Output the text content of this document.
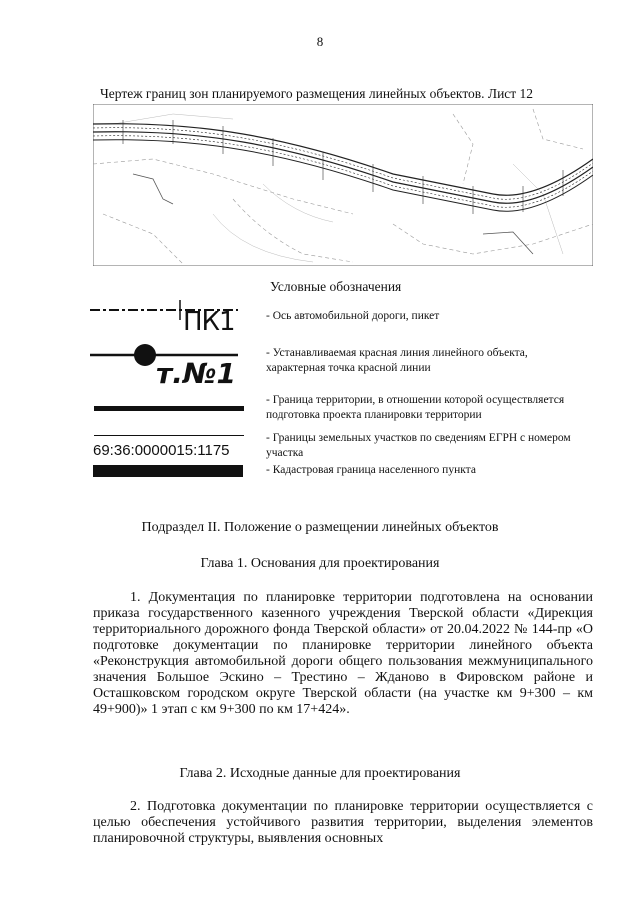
8
Чертеж границ зон планируемого размещения линейных объектов. Лист 12
Условные обозначения
ПК1
т.№1
69:36:0000015:1175
- Ось автомобильной дороги, пикет
- Устанавливаемая красная линия линейного объекта, характерная точка красной линии
- Граница территории, в отношении которой осуществляется подготовка проекта планировки территории
- Границы земельных участков по сведениям ЕГРН с номером участка
- Кадастровая граница населенного пункта
Подраздел II. Положение о размещении линейных объектов
Глава 1. Основания для проектирования
1. Документация по планировке территории подготовлена на основании приказа государственного казенного учреждения Тверской области «Дирекция территориального дорожного фонда Тверской области» от 20.04.2022 № 144-пр «О подготовке документации по планировке территории линейного объекта «Реконструкция автомобильной дороги общего пользования межмуниципального значения Большое Эскино – Трестино – Жданово в Фировском районе и Осташковском городском округе Тверской области (на участке км 9+300 – км 49+900)» 1 этап с км 9+300 по км 17+424».
Глава 2. Исходные данные для проектирования
2. Подготовка документации по планировке территории осуществляется с целью обеспечения устойчивого развития территории, выделения элементов планировочной структуры, выявления основных
